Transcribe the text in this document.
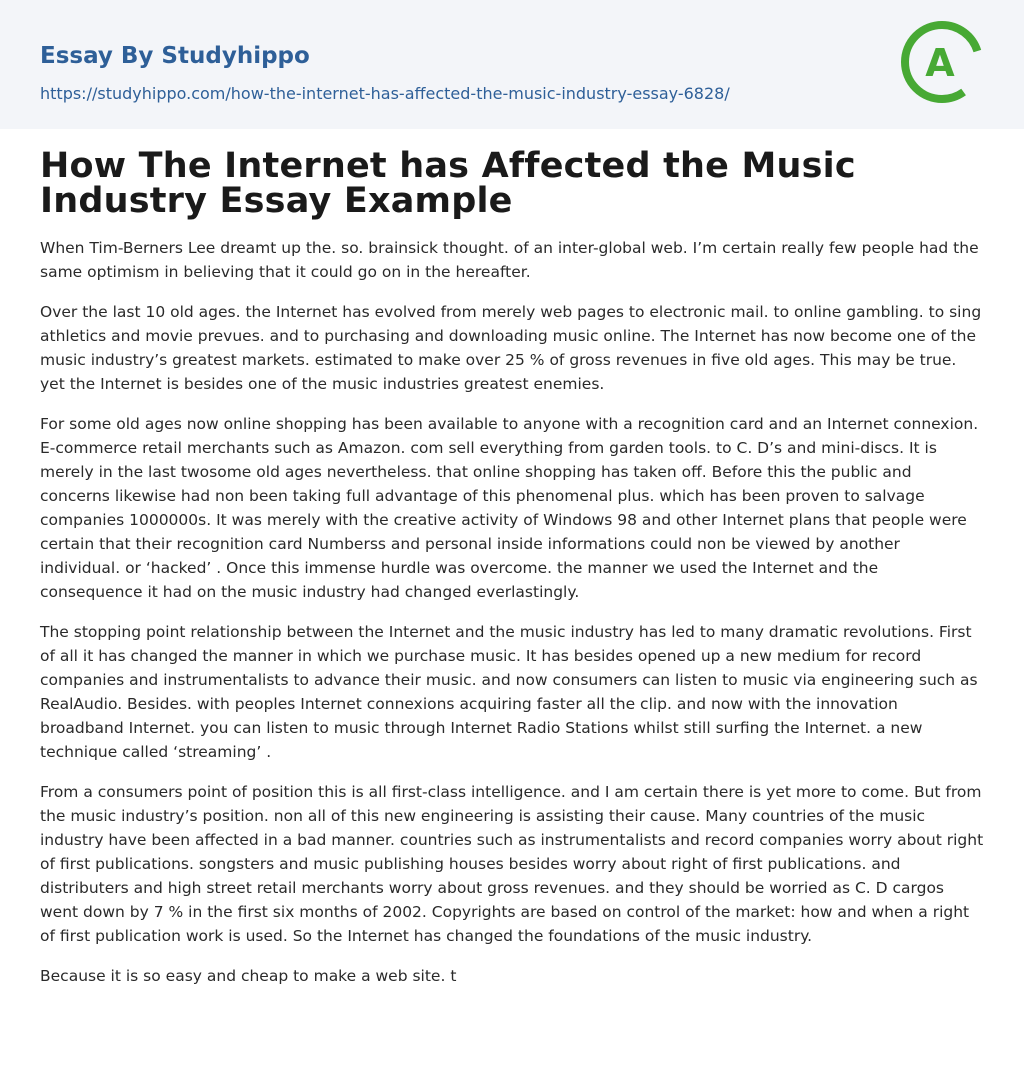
Essay By Studyhippo
https://studyhippo.com/how-the-internet-has-affected-the-music-industry-essay-6828/
A
How The Internet has Affected the Music Industry Essay Example

When Tim-Berners Lee dreamt up the. so. brainsick thought. of an inter-global web. I’m certain really few people had the same optimism in believing that it could go on in the hereafter.

Over the last 10 old ages. the Internet has evolved from merely web pages to electronic mail. to online gambling. to sing athletics and movie prevues. and to purchasing and downloading music online. The Internet has now become one of the music industry’s greatest markets. estimated to make over 25 % of gross revenues in five old ages. This may be true. yet the Internet is besides one of the music industries greatest enemies.

For some old ages now online shopping has been available to anyone with a recognition card and an Internet connexion. E-commerce retail merchants such as Amazon. com sell everything from garden tools. to C. D’s and mini-discs. It is merely in the last twosome old ages nevertheless. that online shopping has taken off. Before this the public and concerns likewise had non been taking full advantage of this phenomenal plus. which has been proven to salvage companies 1000000s. It was merely with the creative activity of Windows 98 and other Internet plans that people were certain that their recognition card Numberss and personal inside informations could non be viewed by another individual. or ‘hacked’ . Once this immense hurdle was overcome. the manner we used the Internet and the consequence it had on the music industry had changed everlastingly.

The stopping point relationship between the Internet and the music industry has led to many dramatic revolutions. First of all it has changed the manner in which we purchase music. It has besides opened up a new medium for record companies and instrumentalists to advance their music. and now consumers can listen to music via engineering such as RealAudio. Besides. with peoples Internet connexions acquiring faster all the clip. and now with the innovation broadband Internet. you can listen to music through Internet Radio Stations whilst still surfing the Internet. a new technique called ‘streaming’ .

From a consumers point of position this is all first-class intelligence. and I am certain there is yet more to come. But from the music industry’s position. non all of this new engineering is assisting their cause. Many countries of the music industry have been affected in a bad manner. countries such as instrumentalists and record companies worry about right of first publications. songsters and music publishing houses besides worry about right of first publications. and distributers and high street retail merchants worry about gross revenues. and they should be worried as C. D cargos went down by 7 % in the first six months of 2002. Copyrights are based on control of the market: how and when a right of first publication work is used. So the Internet has changed the foundations of the music industry.

Because it is so easy and cheap to make a web site. t
